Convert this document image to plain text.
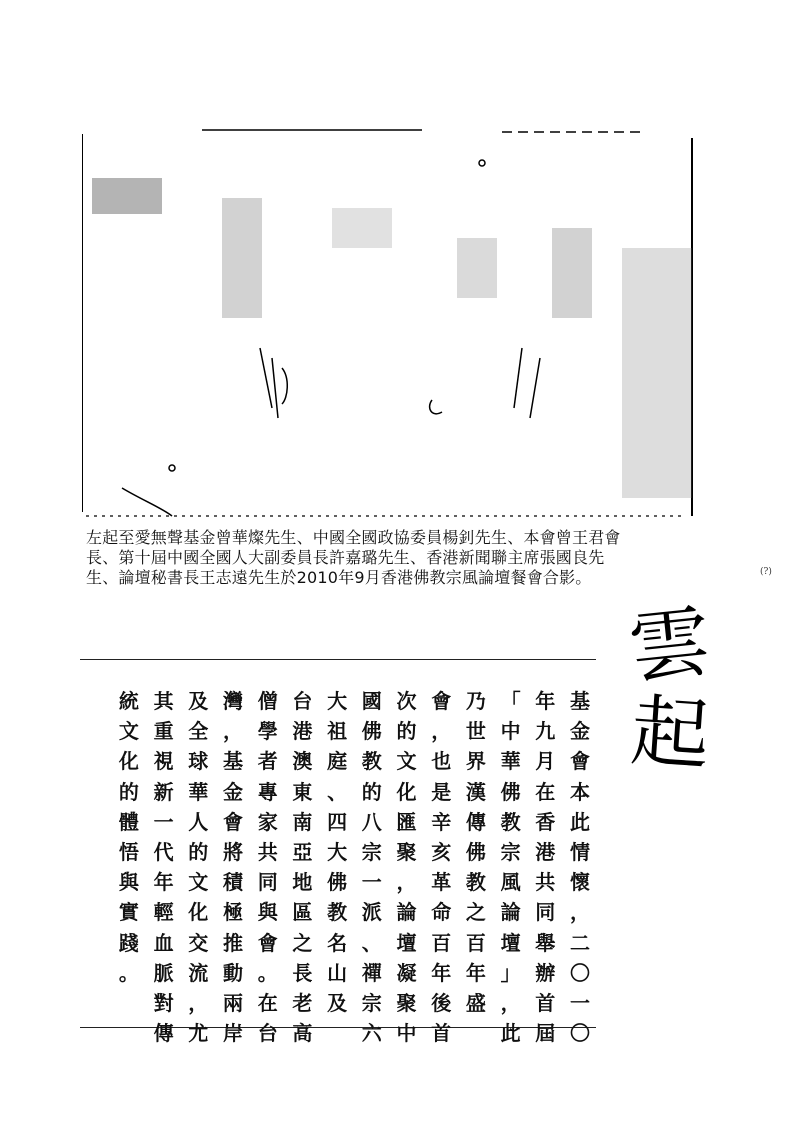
左起至愛無聲基金曾華燦先生、中國全國政協委員楊釗先生、本會曾王君會
長、第十屆中國全國人大副委員長許嘉璐先生、香港新聞聯主席張國良先
生、論壇秘書長王志遠先生於2010年9月香港佛教宗風論壇餐會合影。	(?)
雲
起
基
金
會
本
此
情
懷
，
二
〇
一
〇
年
九
月
在
香
港
共
同
舉
辦
首
屆
「
中
華
佛
教
宗
風
論
壇
」
，
此
乃
世
界
漢
傳
佛
教
之
百
年
盛
會
，
也
是
辛
亥
革
命
百
年
後
首
次
的
文
化
匯
聚
，
論
壇
凝
聚
中
國
佛
教
的
八
宗
一
派
、
禪
宗
六
大
祖
庭
、
四
大
佛
教
名
山
及
台
港
澳
東
南
亞
地
區
之
長
老
高
僧
學
者
專
家
共
同
與
會
。
在
台
灣
，
基
金
會
將
積
極
推
動
兩
岸
及
全
球
華
人
的
文
化
交
流
，
尤
其
重
視
新
一
代
年
輕
血
脈
對
傳
統
文
化
的
體
悟
與
實
踐
。
